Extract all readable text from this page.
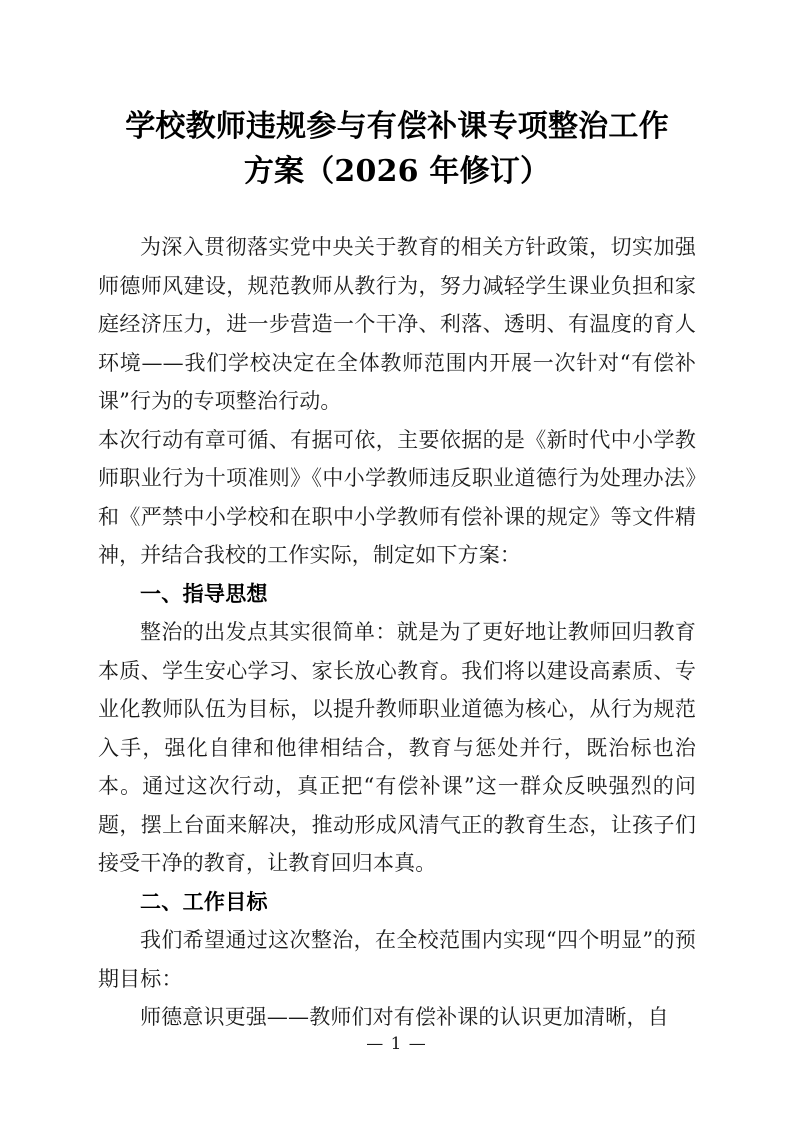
学校教师违规参与有偿补课专项整治工作
方案（2026 年修订）

为深入贯彻落实党中央关于教育的相关方针政策，切实加强师德师风建设，规范教师从教行为，努力减轻学生课业负担和家庭经济压力，进一步营造一个干净、利落、透明、有温度的育人环境——我们学校决定在全体教师范围内开展一次针对“有偿补课”行为的专项整治行动。

本次行动有章可循、有据可依，主要依据的是《新时代中小学教师职业行为十项准则》《中小学教师违反职业道德行为处理办法》和《严禁中小学校和在职中小学教师有偿补课的规定》等文件精神，并结合我校的工作实际，制定如下方案：

一、指导思想

整治的出发点其实很简单：就是为了更好地让教师回归教育本质、学生安心学习、家长放心教育。我们将以建设高素质、专业化教师队伍为目标，以提升教师职业道德为核心，从行为规范入手，强化自律和他律相结合，教育与惩处并行，既治标也治本。通过这次行动，真正把“有偿补课”这一群众反映强烈的问题，摆上台面来解决，推动形成风清气正的教育生态，让孩子们接受干净的教育，让教育回归本真。

二、工作目标

我们希望通过这次整治，在全校范围内实现“四个明显”的预期目标：

师德意识更强——教师们对有偿补课的认识更加清晰，自

— 1 —
